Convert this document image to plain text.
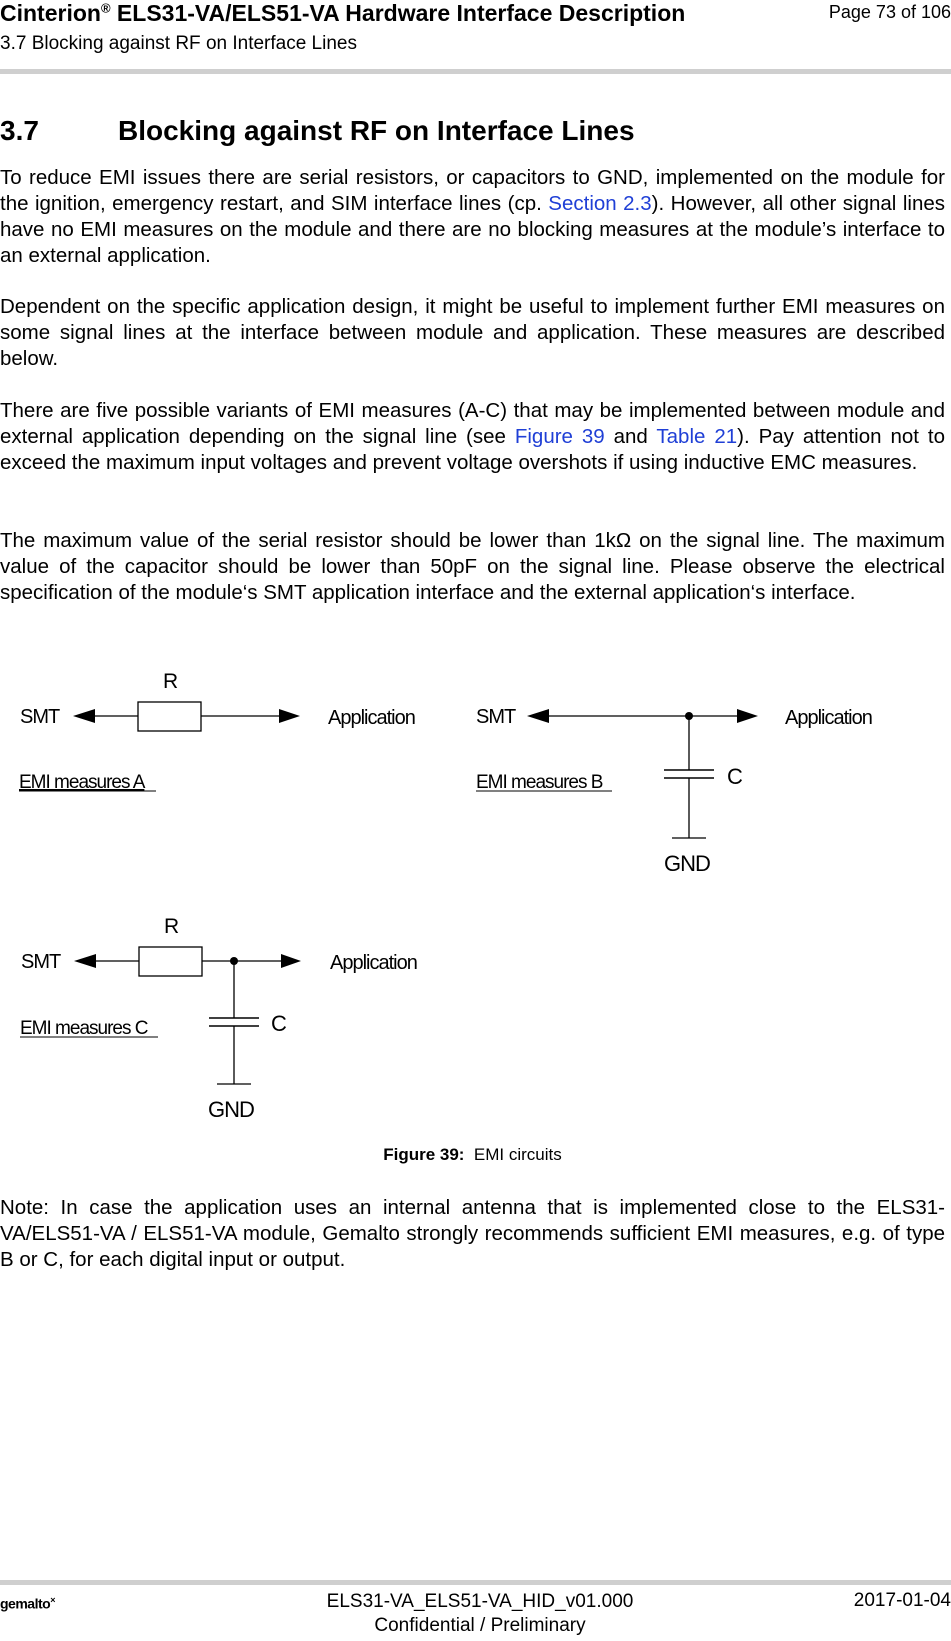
Cinterion® ELS31-VA/ELS51-VA Hardware Interface Description
3.7 Blocking against RF on Interface Lines
Page 73 of 106
3.7	Blocking against RF on Interface Lines
To reduce EMI issues there are serial resistors, or capacitors to GND, implemented on the module for the ignition, emergency restart, and SIM interface lines (cp. Section 2.3). However, all other signal lines have no EMI measures on the module and there are no blocking measures at the module’s interface to an external application.
Dependent on the specific application design, it might be useful to implement further EMI measures on some signal lines at the interface between module and application. These measures are described below.
There are five possible variants of EMI measures (A-C) that may be implemented between module and external application depending on the signal line (see Figure 39 and Table 21). Pay attention not to exceed the maximum input voltages and prevent voltage overshots if using inductive EMC measures.
The maximum value of the serial resistor should be lower than 1kΩ on the signal line. The maximum value of the capacitor should be lower than 50pF on the signal line. Please observe the electrical specification of the module‘s SMT application interface and the external application‘s interface.
R
SMT	Application
EMI measures A
SMT	Application
C
GND
EMI measures B
R
SMT	Application
C
GND
EMI measures C
Figure 39: EMI circuits
Note: In case the application uses an internal antenna that is implemented close to the ELS31-VA/ELS51-VA / ELS51-VA module, Gemalto strongly recommends sufficient EMI measures, e.g. of type B or C, for each digital input or output.
gemalto×	ELS31-VA_ELS51-VA_HID_v01.000
Confidential / Preliminary
2017-01-04
